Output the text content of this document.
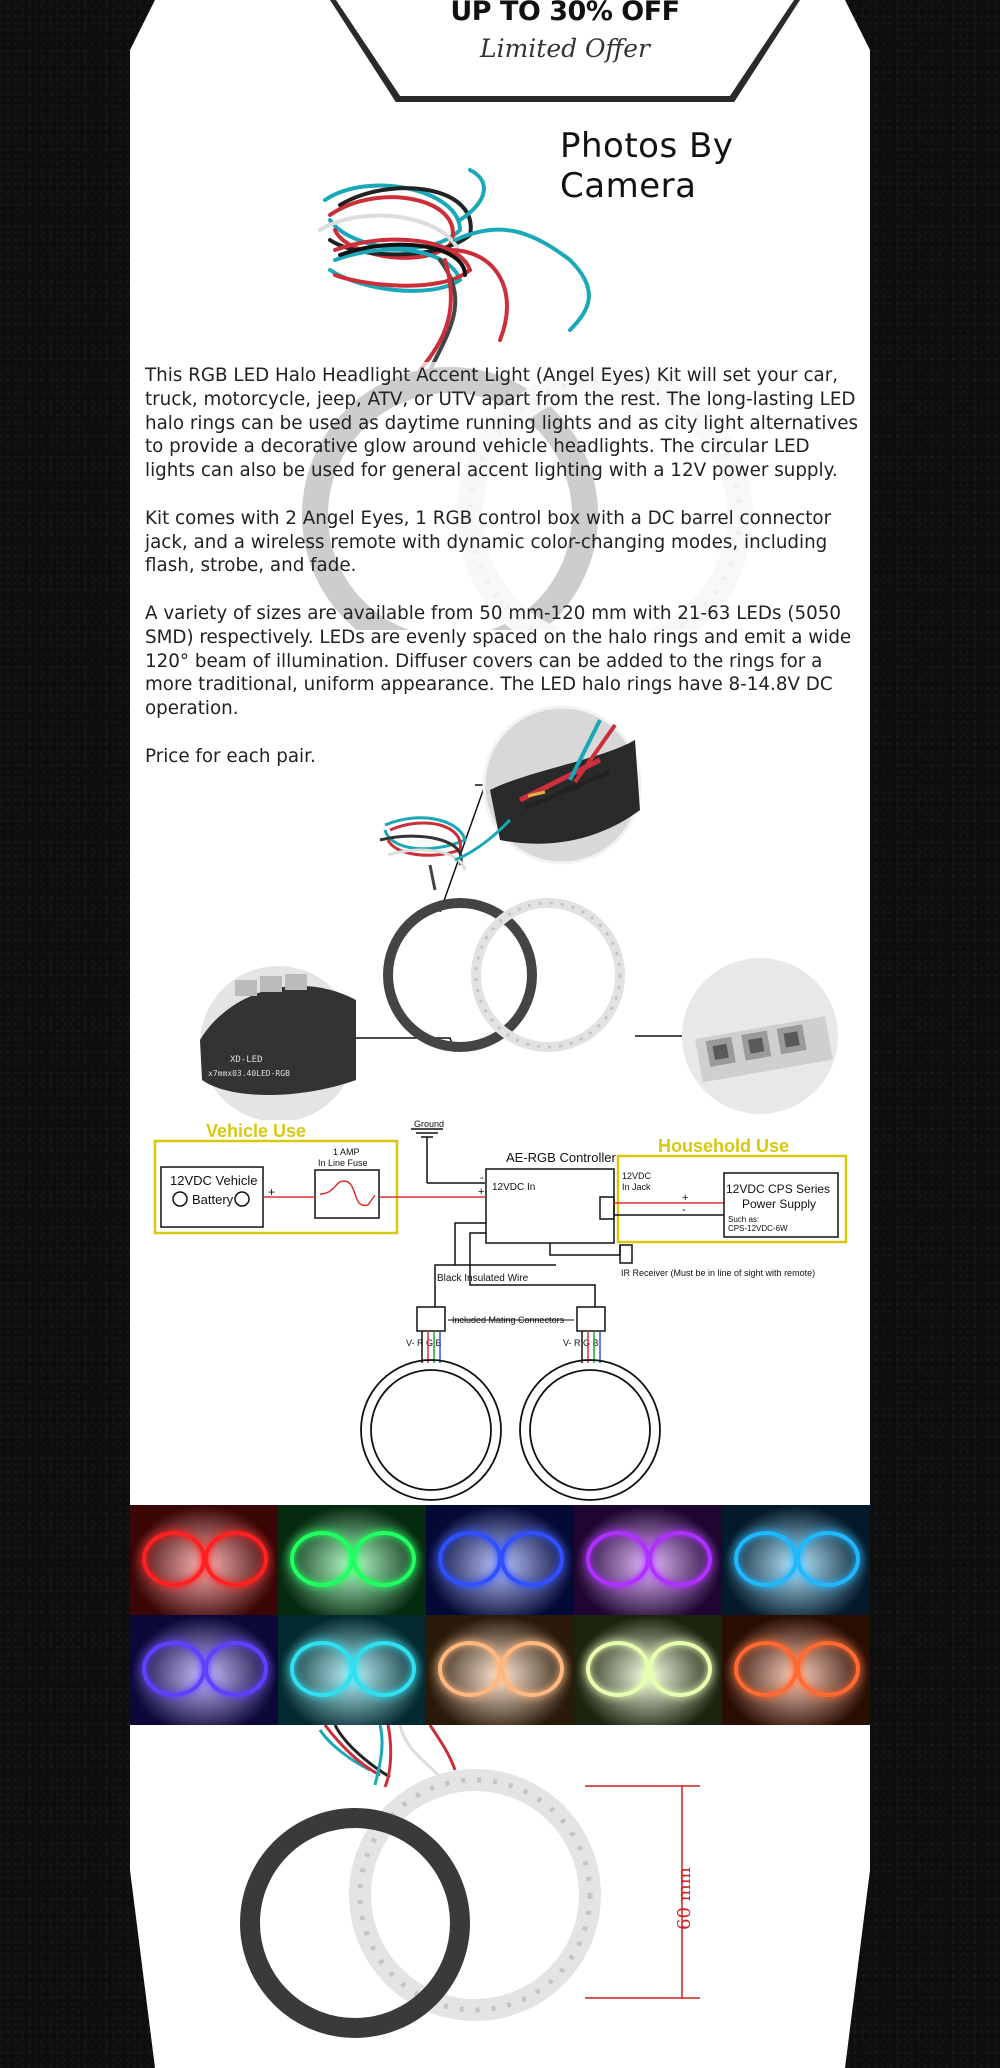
UP TO 30% OFF
Limited Offer
Photos By Camera

This RGB LED Halo Headlight Accent Light (Angel Eyes) Kit will set your car, truck, motorcycle, jeep, ATV, or UTV apart from the rest. The long-lasting LED halo rings can be used as daytime running lights and as city light alternatives to provide a decorative glow around vehicle headlights. The circular LED lights can also be used for general accent lighting with a 12V power supply.

Kit comes with 2 Angel Eyes, 1 RGB control box with a DC barrel connector jack, and a wireless remote with dynamic color-changing modes, including flash, strobe, and fade.

A variety of sizes are available from 50 mm-120 mm with 21-63 LEDs (5050 SMD) respectively. LEDs are evenly spaced on the halo rings and emit a wide 120° beam of illumination. Diffuser covers can be added to the rings for a more traditional, uniform appearance. The LED halo rings have 8-14.8V DC operation.

Price for each pair.

XD-LED
x7mmx03.40LED-RGB
Vehicle Use
12VDC Vehicle
Battery	+
1 AMP
In Line Fuse
Ground
-
+
AE-RGB Controller
12VDC In
Household Use
12VDC
In Jack
+
-
12VDC CPS Series
Power Supply
Such as:
CPS-12VDC-6W
IR Receiver (Must be in line of sight with remote)
Black Insulated Wire
Included Mating Connectors
V- R G B	V- R G B
60 mm
